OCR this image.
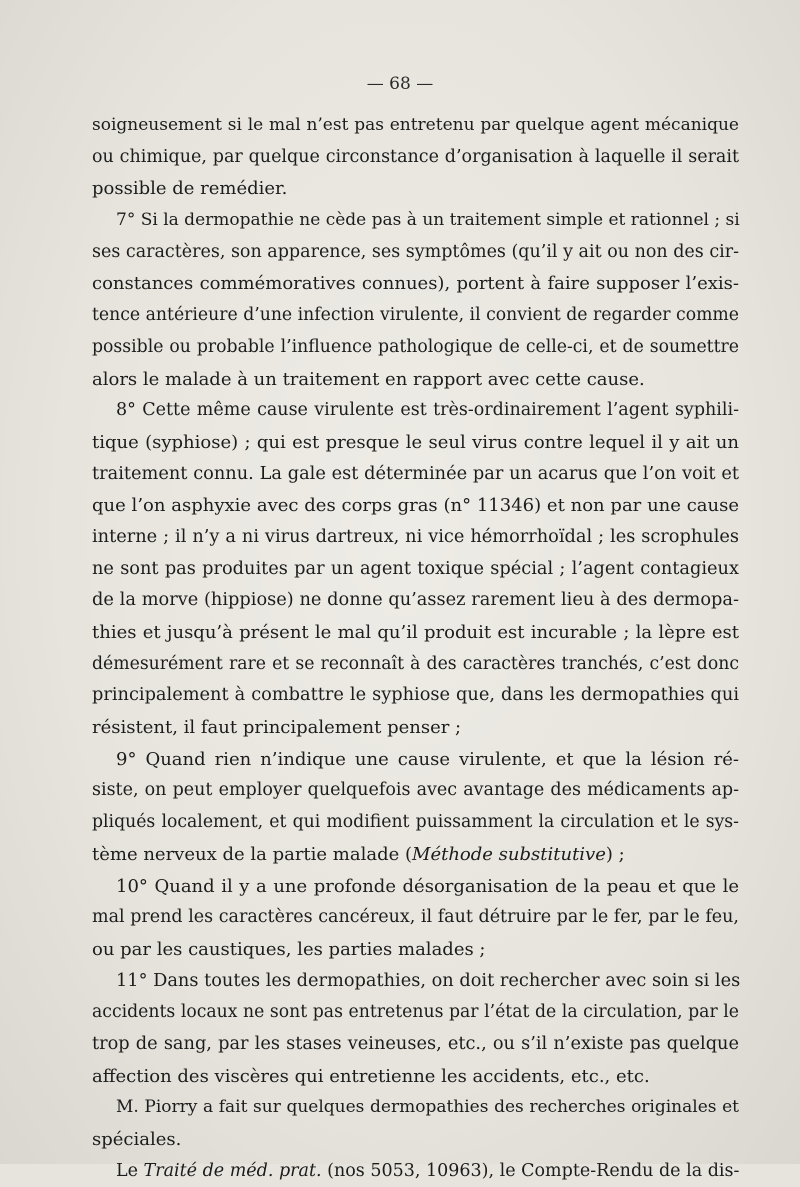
— 68 —
soigneusement si le mal n’est pas entretenu par quelque agent mécanique
ou chimique, par quelque circonstance d’organisation à laquelle il serait
possible de remédier.
7° Si la dermopathie ne cède pas à un traitement simple et rationnel ; si
ses caractères, son apparence, ses symptômes (qu’il y ait ou non des cir-
constances commémoratives connues), portent à faire supposer l’exis-
tence antérieure d’une infection virulente, il convient de regarder comme
possible ou probable l’influence pathologique de celle-ci, et de soumettre
alors le malade à un traitement en rapport avec cette cause.
8° Cette même cause virulente est très-ordinairement l’agent syphili-
tique (syphiose) ; qui est presque le seul virus contre lequel il y ait un
traitement connu. La gale est déterminée par un acarus que l’on voit et
que l’on asphyxie avec des corps gras (n° 11346) et non par une cause
interne ; il n’y a ni virus dartreux, ni vice hémorrhoïdal ; les scrophules
ne sont pas produites par un agent toxique spécial ; l’agent contagieux
de la morve (hippiose) ne donne qu’assez rarement lieu à des dermopa-
thies et jusqu’à présent le mal qu’il produit est incurable ; la lèpre est
démesurément rare et se reconnaît à des caractères tranchés, c’est donc
principalement à combattre le syphiose que, dans les dermopathies qui
résistent, il faut principalement penser ;
9° Quand rien n’indique une cause virulente, et que la lésion ré-
siste, on peut employer quelquefois avec avantage des médicaments ap-
pliqués localement, et qui modifient puissamment la circulation et le sys-
tème nerveux de la partie malade (Méthode substitutive) ;
10° Quand il y a une profonde désorganisation de la peau et que le
mal prend les caractères cancéreux, il faut détruire par le fer, par le feu,
ou par les caustiques, les parties malades ;
11° Dans toutes les dermopathies, on doit rechercher avec soin si les
accidents locaux ne sont pas entretenus par l’état de la circulation, par le
trop de sang, par les stases veineuses, etc., ou s’il n’existe pas quelque
affection des viscères qui entretienne les accidents, etc., etc.
M. Piorry a fait sur quelques dermopathies des recherches originales et
spéciales.
Le Traité de méd. prat. (nos 5053, 10963), le Compte-Rendu de la dis-
